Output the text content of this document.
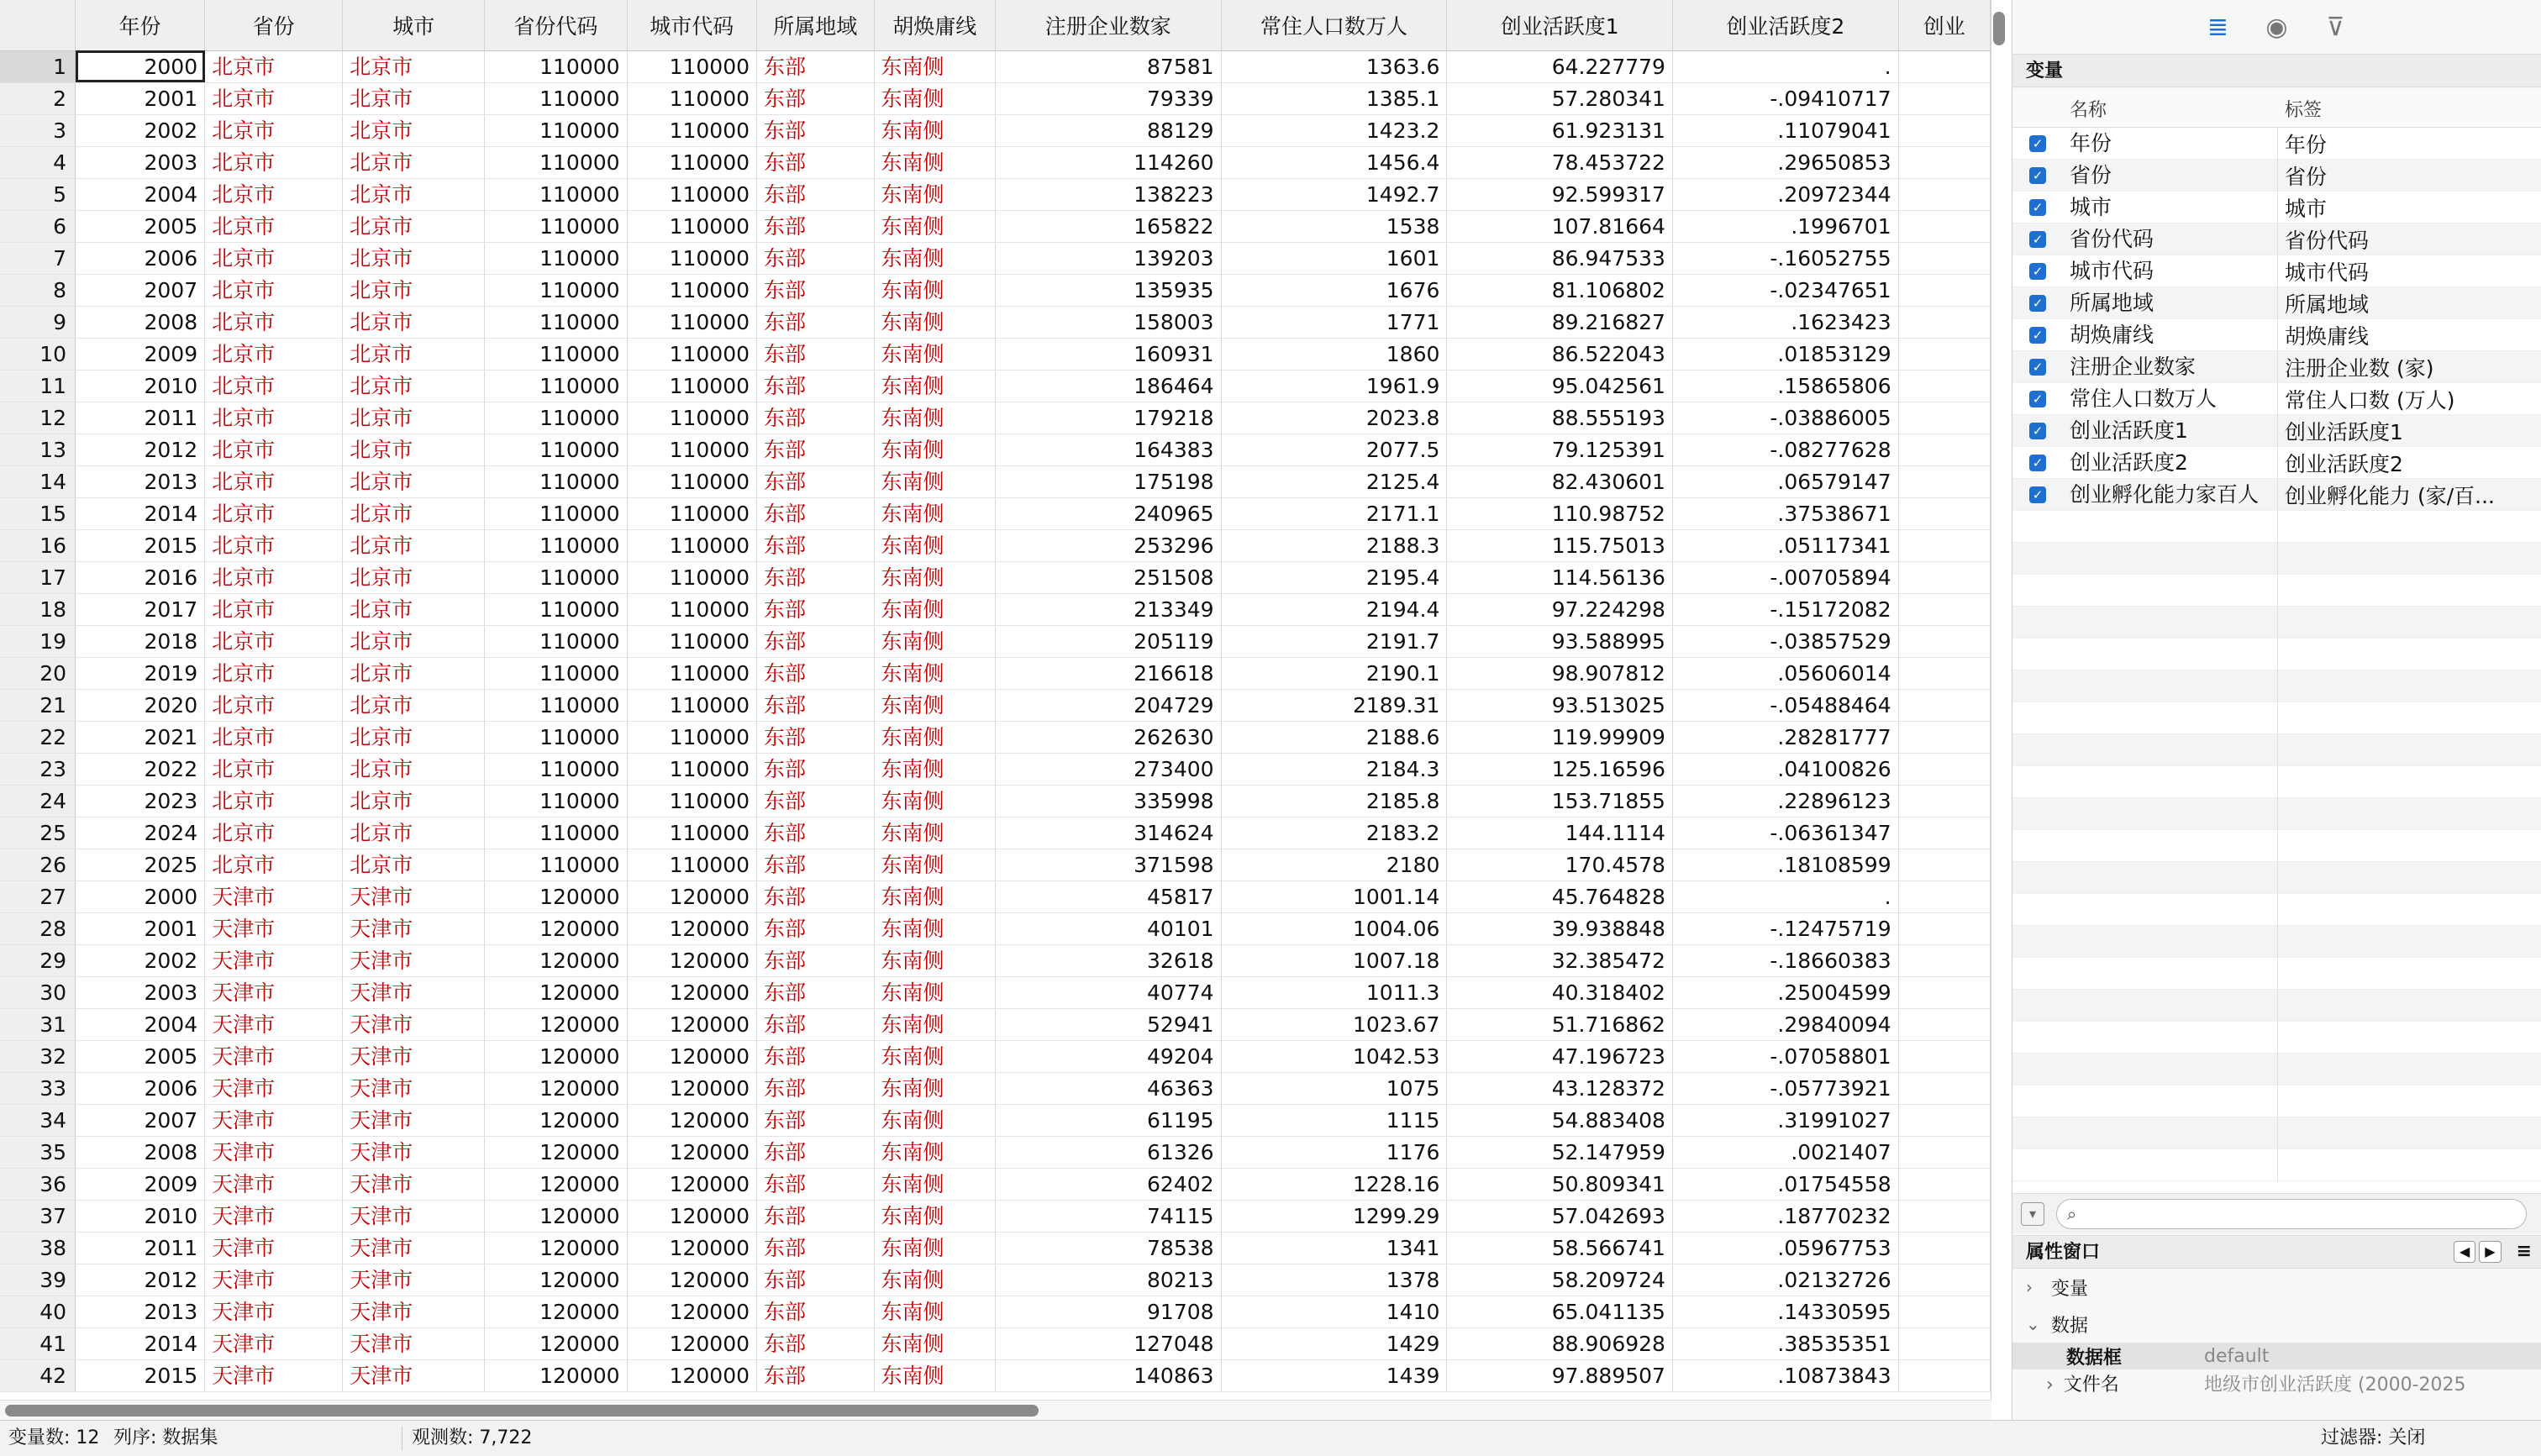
	年份	省份	城市	省份代码	城市代码	所属地域	胡焕庸线	注册企业数家	常住人口数万人	创业活跃度1	创业活跃度2	创业
1	2000	北京市	北京市	110000	110000	东部	东南侧	87581	1363.6	64.227779	.	
2	2001	北京市	北京市	110000	110000	东部	东南侧	79339	1385.1	57.280341	-.09410717	
3	2002	北京市	北京市	110000	110000	东部	东南侧	88129	1423.2	61.923131	.11079041	
4	2003	北京市	北京市	110000	110000	东部	东南侧	114260	1456.4	78.453722	.29650853	
5	2004	北京市	北京市	110000	110000	东部	东南侧	138223	1492.7	92.599317	.20972344	
6	2005	北京市	北京市	110000	110000	东部	东南侧	165822	1538	107.81664	.1996701	
7	2006	北京市	北京市	110000	110000	东部	东南侧	139203	1601	86.947533	-.16052755	
8	2007	北京市	北京市	110000	110000	东部	东南侧	135935	1676	81.106802	-.02347651	
9	2008	北京市	北京市	110000	110000	东部	东南侧	158003	1771	89.216827	.1623423	
10	2009	北京市	北京市	110000	110000	东部	东南侧	160931	1860	86.522043	.01853129	
11	2010	北京市	北京市	110000	110000	东部	东南侧	186464	1961.9	95.042561	.15865806	
12	2011	北京市	北京市	110000	110000	东部	东南侧	179218	2023.8	88.555193	-.03886005	
13	2012	北京市	北京市	110000	110000	东部	东南侧	164383	2077.5	79.125391	-.08277628	
14	2013	北京市	北京市	110000	110000	东部	东南侧	175198	2125.4	82.430601	.06579147	
15	2014	北京市	北京市	110000	110000	东部	东南侧	240965	2171.1	110.98752	.37538671	
16	2015	北京市	北京市	110000	110000	东部	东南侧	253296	2188.3	115.75013	.05117341	
17	2016	北京市	北京市	110000	110000	东部	东南侧	251508	2195.4	114.56136	-.00705894	
18	2017	北京市	北京市	110000	110000	东部	东南侧	213349	2194.4	97.224298	-.15172082	
19	2018	北京市	北京市	110000	110000	东部	东南侧	205119	2191.7	93.588995	-.03857529	
20	2019	北京市	北京市	110000	110000	东部	东南侧	216618	2190.1	98.907812	.05606014	
21	2020	北京市	北京市	110000	110000	东部	东南侧	204729	2189.31	93.513025	-.05488464	
22	2021	北京市	北京市	110000	110000	东部	东南侧	262630	2188.6	119.99909	.28281777	
23	2022	北京市	北京市	110000	110000	东部	东南侧	273400	2184.3	125.16596	.04100826	
24	2023	北京市	北京市	110000	110000	东部	东南侧	335998	2185.8	153.71855	.22896123	
25	2024	北京市	北京市	110000	110000	东部	东南侧	314624	2183.2	144.1114	-.06361347	
26	2025	北京市	北京市	110000	110000	东部	东南侧	371598	2180	170.4578	.18108599	
27	2000	天津市	天津市	120000	120000	东部	东南侧	45817	1001.14	45.764828	.	
28	2001	天津市	天津市	120000	120000	东部	东南侧	40101	1004.06	39.938848	-.12475719	
29	2002	天津市	天津市	120000	120000	东部	东南侧	32618	1007.18	32.385472	-.18660383	
30	2003	天津市	天津市	120000	120000	东部	东南侧	40774	1011.3	40.318402	.25004599	
31	2004	天津市	天津市	120000	120000	东部	东南侧	52941	1023.67	51.716862	.29840094	
32	2005	天津市	天津市	120000	120000	东部	东南侧	49204	1042.53	47.196723	-.07058801	
33	2006	天津市	天津市	120000	120000	东部	东南侧	46363	1075	43.128372	-.05773921	
34	2007	天津市	天津市	120000	120000	东部	东南侧	61195	1115	54.883408	.31991027	
35	2008	天津市	天津市	120000	120000	东部	东南侧	61326	1176	52.147959	.0021407	
36	2009	天津市	天津市	120000	120000	东部	东南侧	62402	1228.16	50.809341	.01754558	
37	2010	天津市	天津市	120000	120000	东部	东南侧	74115	1299.29	57.042693	.18770232	
38	2011	天津市	天津市	120000	120000	东部	东南侧	78538	1341	58.566741	.05967753	
39	2012	天津市	天津市	120000	120000	东部	东南侧	80213	1378	58.209724	.02132726	
40	2013	天津市	天津市	120000	120000	东部	东南侧	91708	1410	65.041135	.14330595	
41	2014	天津市	天津市	120000	120000	东部	东南侧	127048	1429	88.906928	.38535351	
42	2015	天津市	天津市	120000	120000	东部	东南侧	140863	1439	97.889507	.10873843	
≣ ◉ ⊽
变量
名称	标签
✓	年份	年份
✓	省份	省份
✓	城市	城市
✓	省份代码	省份代码
✓	城市代码	城市代码
✓	所属地域	所属地域
✓	胡焕庸线	胡焕庸线
✓	注册企业数家	注册企业数 (家)
✓	常住人口数万人	常住人口数 (万人)
✓	创业活跃度1	创业活跃度1
✓	创业活跃度2	创业活跃度2
✓	创业孵化能力家百人	创业孵化能力 (家/百...
▾	⌕
属性窗口	◀	▶	≡
›	变量
⌄ 数据
数据框	default
› 文件名	地级市创业活跃度 (2000-2025
变量数: 12 列序: 数据集	观测数: 7,722	过滤器: 关闭
